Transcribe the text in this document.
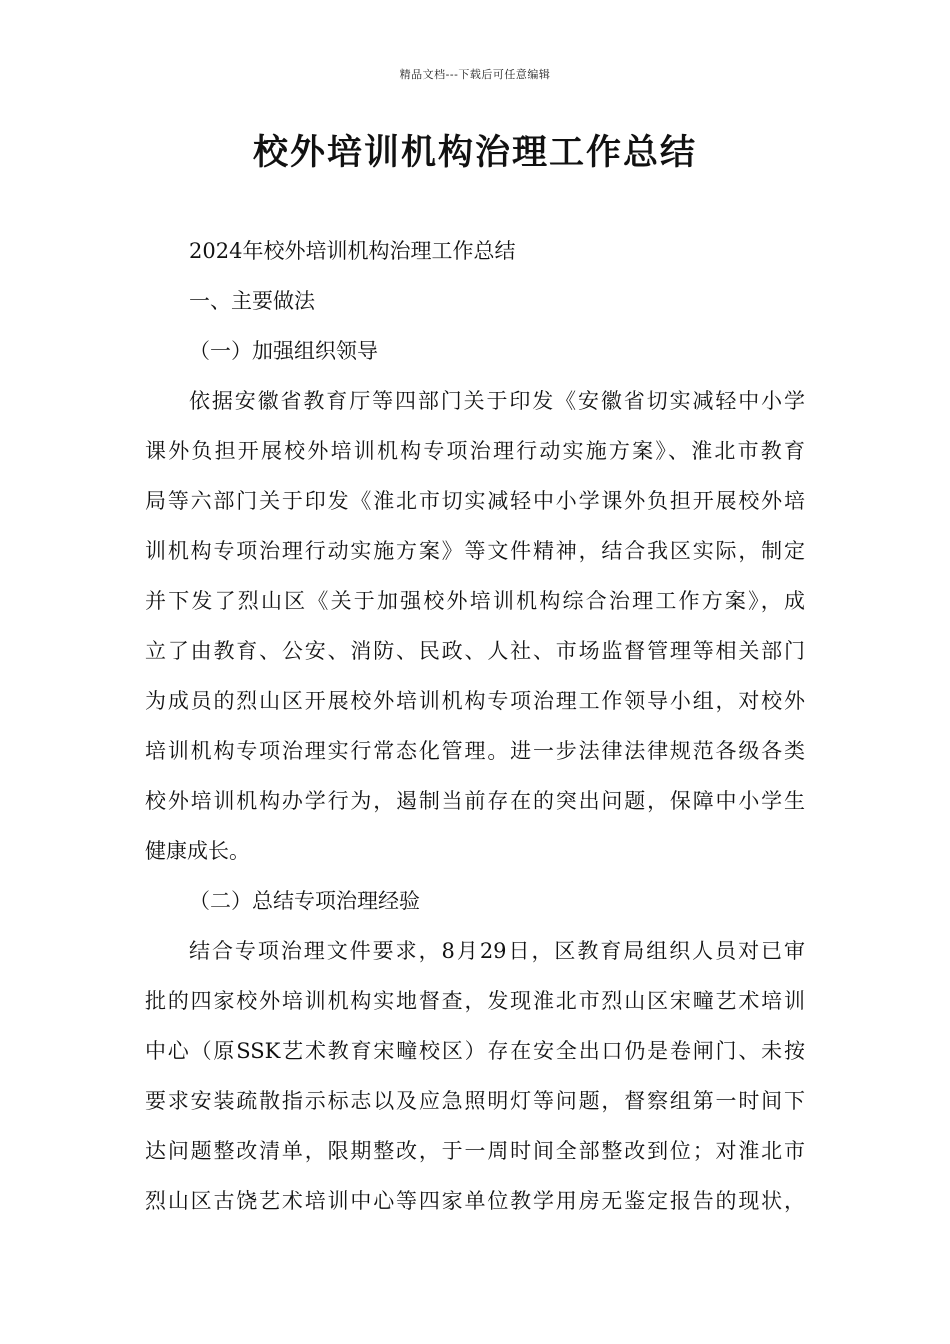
精品文档---下载后可任意编辑
校外培训机构治理工作总结
2024年校外培训机构治理工作总结
一、主要做法
（一）加强组织领导
依据安徽省教育厅等四部门关于印发《安徽省切实减轻中小学
课外负担开展校外培训机构专项治理行动实施方案》、淮北市教育
局等六部门关于印发《淮北市切实减轻中小学课外负担开展校外培
训机构专项治理行动实施方案》等文件精神，结合我区实际，制定
并下发了烈山区《关于加强校外培训机构综合治理工作方案》，成
立了由教育、公安、消防、民政、人社、市场监督管理等相关部门
为成员的烈山区开展校外培训机构专项治理工作领导小组，对校外
培训机构专项治理实行常态化管理。进一步法律法律规范各级各类
校外培训机构办学行为，遏制当前存在的突出问题，保障中小学生
健康成长。
（二）总结专项治理经验
结合专项治理文件要求，8月29日，区教育局组织人员对已审
批的四家校外培训机构实地督查，发现淮北市烈山区宋疃艺术培训
中心（原SSK艺术教育宋疃校区）存在安全出口仍是卷闸门、未按
要求安装疏散指示标志以及应急照明灯等问题，督察组第一时间下
达问题整改清单，限期整改，于一周时间全部整改到位；对淮北市
烈山区古饶艺术培训中心等四家单位教学用房无鉴定报告的现状，
